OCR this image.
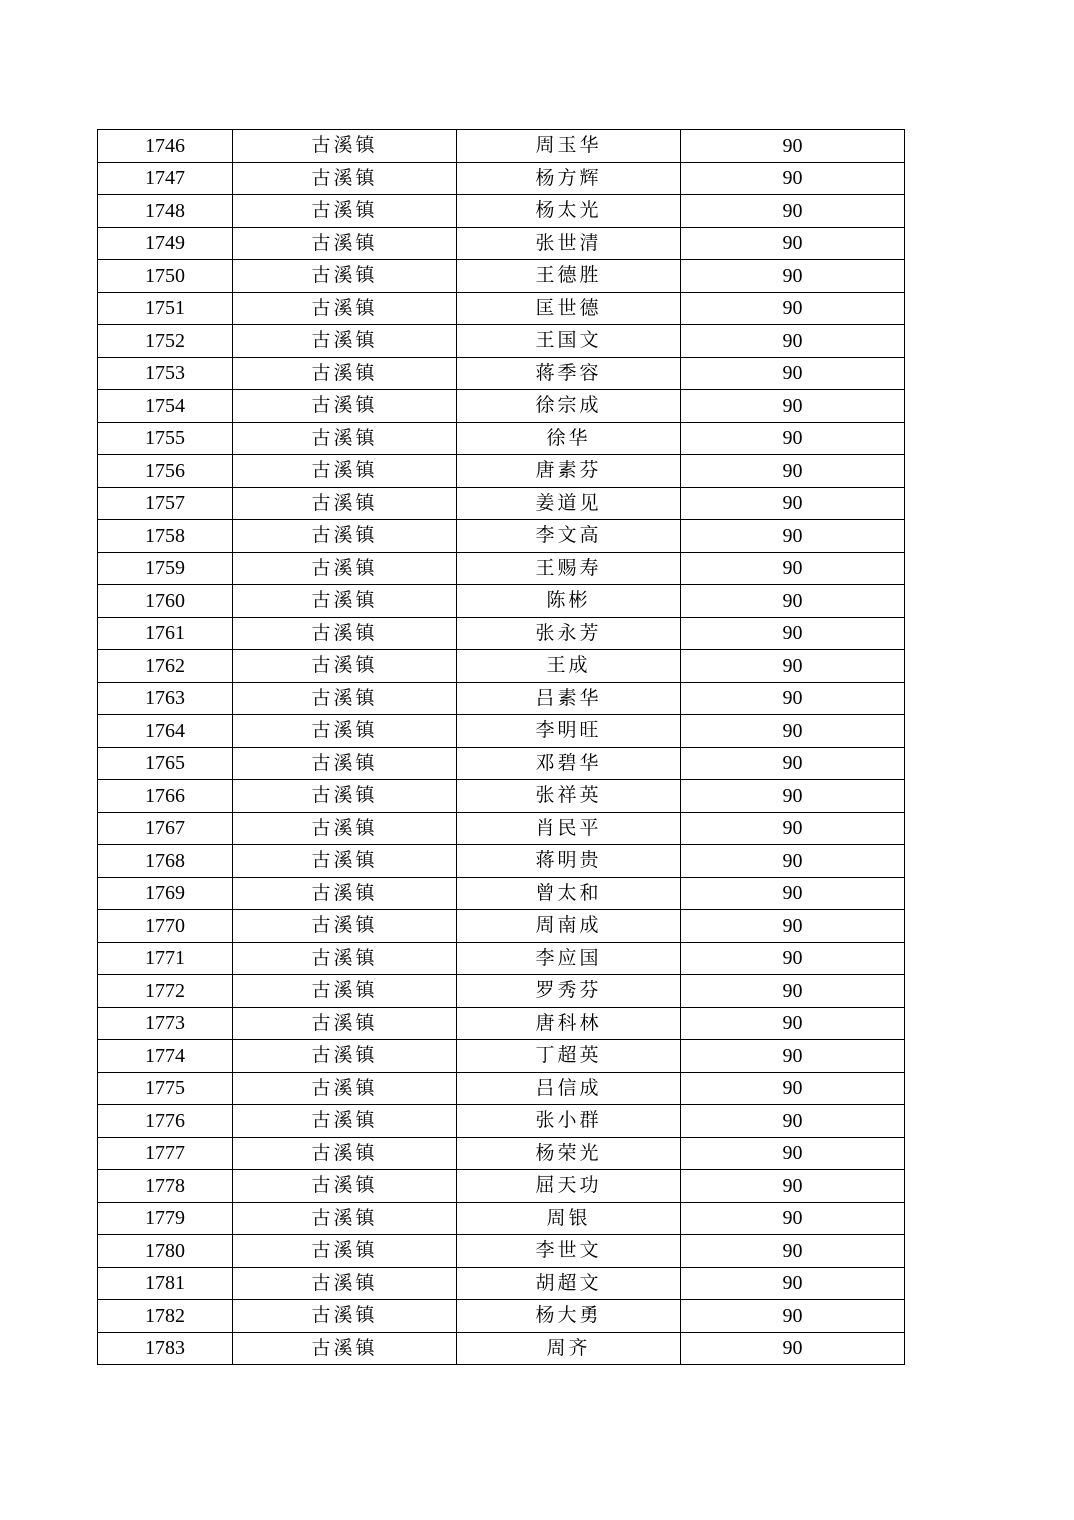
1746	古溪镇	周玉华	90
1747	古溪镇	杨方辉	90
1748	古溪镇	杨太光	90
1749	古溪镇	张世清	90
1750	古溪镇	王德胜	90
1751	古溪镇	匡世德	90
1752	古溪镇	王国文	90
1753	古溪镇	蒋季容	90
1754	古溪镇	徐宗成	90
1755	古溪镇	徐华	90
1756	古溪镇	唐素芬	90
1757	古溪镇	姜道见	90
1758	古溪镇	李文高	90
1759	古溪镇	王赐寿	90
1760	古溪镇	陈彬	90
1761	古溪镇	张永芳	90
1762	古溪镇	王成	90
1763	古溪镇	吕素华	90
1764	古溪镇	李明旺	90
1765	古溪镇	邓碧华	90
1766	古溪镇	张祥英	90
1767	古溪镇	肖民平	90
1768	古溪镇	蒋明贵	90
1769	古溪镇	曾太和	90
1770	古溪镇	周南成	90
1771	古溪镇	李应国	90
1772	古溪镇	罗秀芬	90
1773	古溪镇	唐科林	90
1774	古溪镇	丁超英	90
1775	古溪镇	吕信成	90
1776	古溪镇	张小群	90
1777	古溪镇	杨荣光	90
1778	古溪镇	屈天功	90
1779	古溪镇	周银	90
1780	古溪镇	李世文	90
1781	古溪镇	胡超文	90
1782	古溪镇	杨大勇	90
1783	古溪镇	周齐	90
